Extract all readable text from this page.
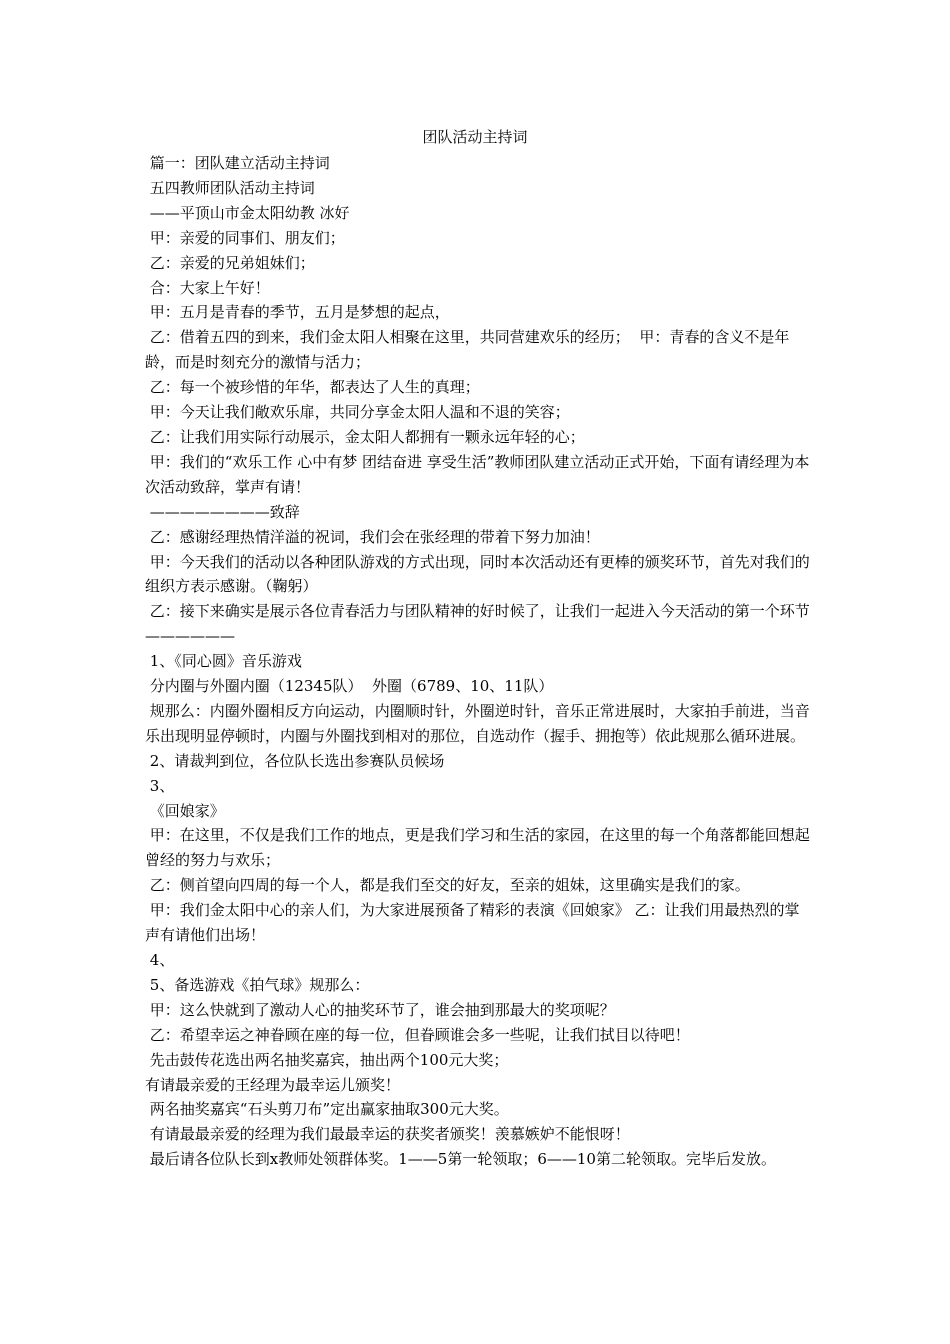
团队活动主持词

篇一：团队建立活动主持词

五四教师团队活动主持词

——平顶山市金太阳幼教 冰好

甲：亲爱的同事们、朋友们；

乙：亲爱的兄弟姐妹们；

合：大家上午好！

甲：五月是青春的季节，五月是梦想的起点，

乙：借着五四的到来，我们金太阳人相聚在这里，共同营建欢乐的经历；  甲：青春的含义不是年龄，而是时刻充分的激情与活力；

乙：每一个被珍惜的年华，都表达了人生的真理；

甲：今天让我们敞欢乐扉，共同分享金太阳人温和不退的笑容；

乙：让我们用实际行动展示，金太阳人都拥有一颗永远年轻的心；

甲：我们的“欢乐工作 心中有梦 团结奋进 享受生活”教师团队建立活动正式开始，下面有请经理为本次活动致辞，掌声有请！

————————致辞

乙：感谢经理热情洋溢的祝词，我们会在张经理的带着下努力加油！

甲：今天我们的活动以各种团队游戏的方式出现，同时本次活动还有更棒的颁奖环节，首先对我们的组织方表示感谢。（鞠躬）

乙：接下来确实是展示各位青春活力与团队精神的好时候了，让我们一起进入今天活动的第一个环节——————

1、《同心圆》音乐游戏

分内圈与外圈内圈（12345队）  外圈（6789、10、11队）

规那么：内圈外圈相反方向运动，内圈顺时针，外圈逆时针，音乐正常进展时，大家拍手前进，当音乐出现明显停顿时，内圈与外圈找到相对的那位，自选动作（握手、拥抱等）依此规那么循环进展。

2、请裁判到位，各位队长选出参赛队员候场

3、

《回娘家》

甲：在这里，不仅是我们工作的地点，更是我们学习和生活的家园，在这里的每一个角落都能回想起曾经的努力与欢乐；

乙：侧首望向四周的每一个人，都是我们至交的好友，至亲的姐妹，这里确实是我们的家。

甲：我们金太阳中心的亲人们，为大家进展预备了精彩的表演《回娘家》 乙：让我们用最热烈的掌声有请他们出场！

4、

5、备选游戏《拍气球》规那么：

甲：这么快就到了激动人心的抽奖环节了，谁会抽到那最大的奖项呢？

乙：希望幸运之神眷顾在座的每一位，但眷顾谁会多一些呢，让我们拭目以待吧！

先击鼓传花选出两名抽奖嘉宾，抽出两个100元大奖；

有请最亲爱的王经理为最幸运儿颁奖！

两名抽奖嘉宾“石头剪刀布”定出赢家抽取300元大奖。

有请最最亲爱的经理为我们最最幸运的获奖者颁奖！羡慕嫉妒不能恨呀！

最后请各位队长到x教师处领群体奖。1——5第一轮领取；6——10第二轮领取。完毕后发放。
